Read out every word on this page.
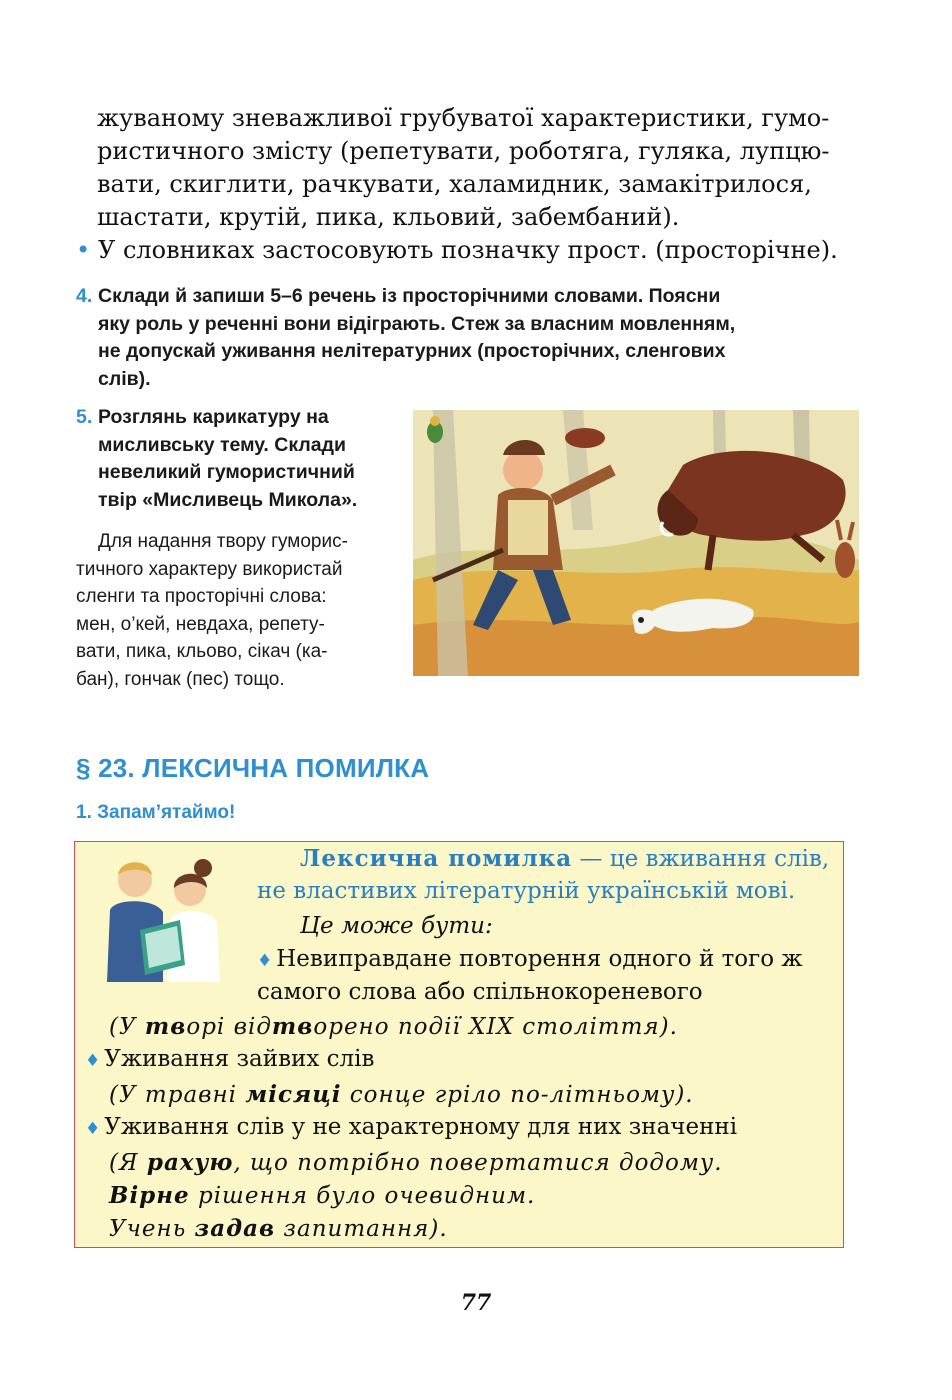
жуваному зневажливої грубуватої характеристики, гумо-

ристичного змісту (репетувати, роботяга, гуляка, лупцю-

вати, скиглити, рачкувати, халамидник, замакітрилося,

шастати, крутій, пика, кльовий, забембаний).

• У словниках застосовують позначку прост. (просторічне).
4. Склади й запиши 5–6 речень із просторічними словами. Поясни
яку роль у реченні вони відіграють. Стеж за власним мовленням,
не допускай уживання нелітературних (просторічних, сленгових
слів).
5. Розглянь карикатуру на
мисливську тему. Склади
невеликий гумористичний
твір «Мисливець Микола».

Для надання твору гуморис-

тичного характеру використай

сленги та просторічні слова:

мен, о’кей, невдаха, репету-

вати, пика, кльово, сікач (ка-

бан), гончак (пес) тощо.

§ 23. ЛЕКСИЧНА ПОМИЛКА
1. Запам’ятаймо!
Лексична помилка — це вживання слів,
не властивих літературній українській мові.
Це може бути:
♦ Невиправдане повторення одного й того ж
самого слова або спільнокореневого
(У творі відтворено події XIX століття).
♦ Уживання зайвих слів
(У травні місяці сонце гріло по-літньому).
♦ Уживання слів у не характерному для них значенні
(Я рахую, що потрібно повертатися додому.
Вірне рішення було очевидним.
Учень задав запитання).
77
